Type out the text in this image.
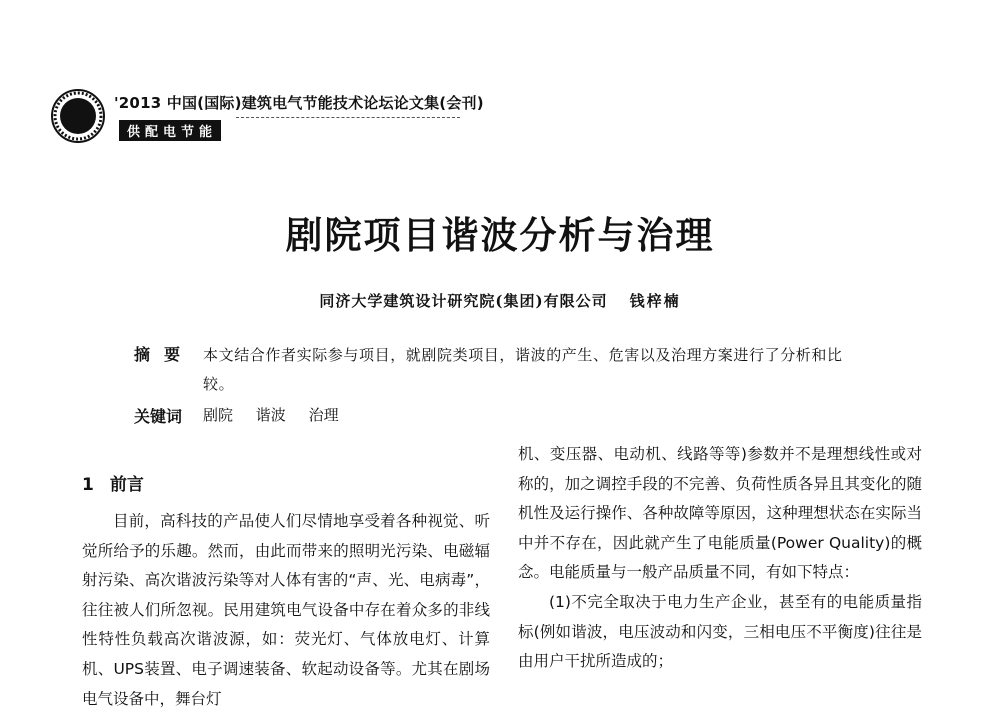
'2013 中国(国际)建筑电气节能技术论坛论文集(会刊)
供配电节能
剧院项目谐波分析与治理
同济大学建筑设计研究院(集团)有限公司 钱梓楠
摘要 本文结合作者实际参与项目，就剧院类项目，谐波的产生、危害以及治理方案进行了分析和比较。
关键词 剧院 谐波 治理
1 前言

目前，高科技的产品使人们尽情地享受着各种视觉、听觉所给予的乐趣。然而，由此而带来的照明光污染、电磁辐射污染、高次谐波污染等对人体有害的“声、光、电病毒”，往往被人们所忽视。民用建筑电气设备中存在着众多的非线性特性负载高次谐波源，如：荧光灯、气体放电灯、计算机、UPS装置、电子调速装备、软起动设备等。尤其在剧场电气设备中，舞台灯

机、变压器、电动机、线路等等)参数并不是理想线性或对称的，加之调控手段的不完善、负荷性质各异且其变化的随机性及运行操作、各种故障等原因，这种理想状态在实际当中并不存在，因此就产生了电能质量(Power Quality)的概念。电能质量与一般产品质量不同，有如下特点：

(1)不完全取决于电力生产企业，甚至有的电能质量指标(例如谐波，电压波动和闪变，三相电压不平衡度)往往是由用户干扰所造成的；
